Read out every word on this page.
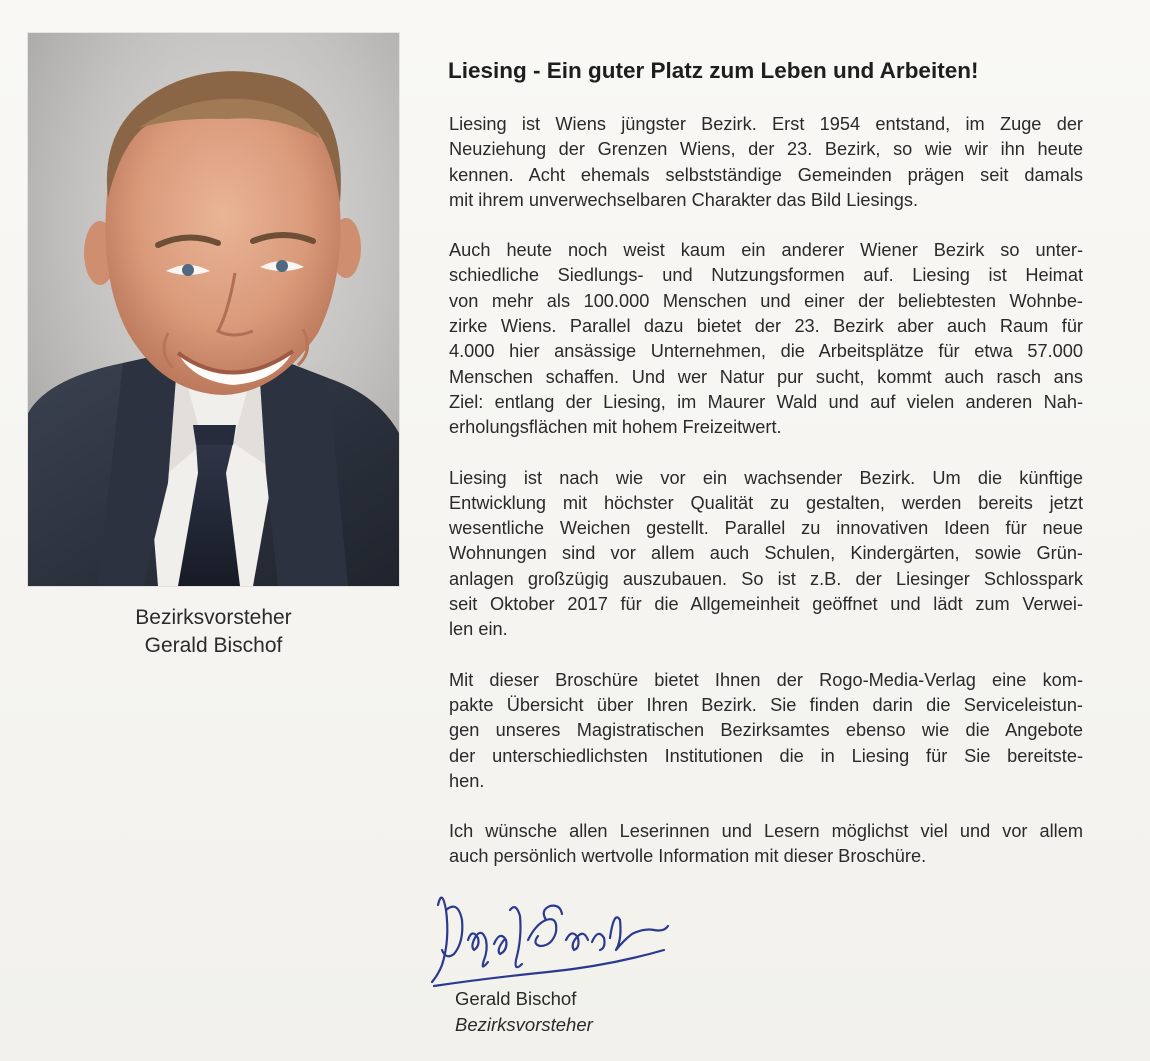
Bezirksvorsteher
Gerald Bischof
Liesing - Ein guter Platz zum Leben und Arbeiten!

Liesing ist Wiens jüngster Bezirk. Erst 1954 entstand, im Zuge der
Neuziehung der Grenzen Wiens, der 23. Bezirk, so wie wir ihn heute
kennen. Acht ehemals selbstständige Gemeinden prägen seit damals
mit ihrem unverwechselbaren Charakter das Bild Liesings.

Auch heute noch weist kaum ein anderer Wiener Bezirk so unter-
schiedliche Siedlungs- und Nutzungsformen auf. Liesing ist Heimat
von mehr als 100.000 Menschen und einer der beliebtesten Wohnbe-
zirke Wiens. Parallel dazu bietet der 23. Bezirk aber auch Raum für
4.000 hier ansässige Unternehmen, die Arbeitsplätze für etwa 57.000
Menschen schaffen. Und wer Natur pur sucht, kommt auch rasch ans
Ziel: entlang der Liesing, im Maurer Wald und auf vielen anderen Nah-
erholungsflächen mit hohem Freizeitwert.

Liesing ist nach wie vor ein wachsender Bezirk. Um die künftige
Entwicklung mit höchster Qualität zu gestalten, werden bereits jetzt
wesentliche Weichen gestellt. Parallel zu innovativen Ideen für neue
Wohnungen sind vor allem auch Schulen, Kindergärten, sowie Grün-
anlagen großzügig auszubauen. So ist z.B. der Liesinger Schlosspark
seit Oktober 2017 für die Allgemeinheit geöffnet und lädt zum Verwei-
len ein.

Mit dieser Broschüre bietet Ihnen der Rogo-Media-Verlag eine kom-
pakte Übersicht über Ihren Bezirk. Sie finden darin die Serviceleistun-
gen unseres Magistratischen Bezirksamtes ebenso wie die Angebote
der unterschiedlichsten Institutionen die in Liesing für Sie bereitste-
hen.

Ich wünsche allen Leserinnen und Lesern möglichst viel und vor allem
auch persönlich wertvolle Information mit dieser Broschüre.

Gerald Bischof
Bezirksvorsteher
